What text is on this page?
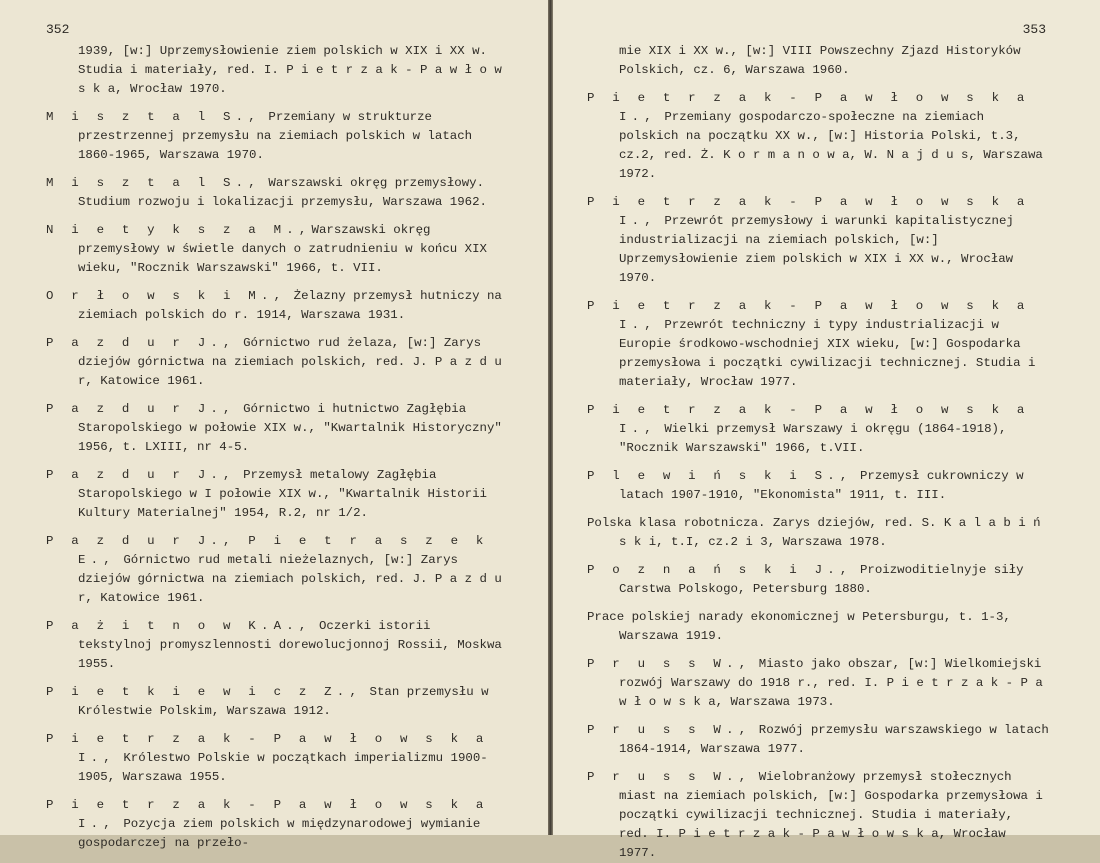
352
1939, [w:] Uprzemysłowienie ziem polskich w XIX i XX w. Studia i materiały, red. I. P i e t r z a k - P a w ł o w s k a, Wrocław 1970.
M i s z t a l S., Przemiany w strukturze przestrzennej przemysłu na ziemiach polskich w latach 1860-1965, Warszawa 1970.
M i s z t a l S., Warszawski okręg przemysłowy. Studium rozwoju i lokalizacji przemysłu, Warszawa 1962.
N i e t y k s z a M.,Warszawski okręg przemysłowy w świetle danych o zatrudnieniu w końcu XIX wieku, "Rocznik Warszawski" 1966, t. VII.
O r ł o w s k i M., Żelazny przemysł hutniczy na ziemiach polskich do r. 1914, Warszawa 1931.
P a z d u r J., Górnictwo rud żelaza, [w:] Zarys dziejów górnictwa na ziemiach polskich, red. J. P a z d u r, Katowice 1961.
P a z d u r J., Górnictwo i hutnictwo Zagłębia Staropolskiego w połowie XIX w., "Kwartalnik Historyczny" 1956, t. LXIII, nr 4-5.
P a z d u r J., Przemysł metalowy Zagłębia Staropolskiego w I połowie XIX w., "Kwartalnik Historii Kultury Materialnej" 1954, R.2, nr 1/2.
P a z d u r J., P i e t r a s z e k E., Górnictwo rud metali nieżelaznych, [w:] Zarys dziejów górnictwa na ziemiach polskich, red. J. P a z d u r, Katowice 1961.
P a ż i t n o w K.A., Oczerki istorii tekstylnoj promyszlennosti dorewolucjonnoj Rossii, Moskwa 1955.
P i e t k i e w i c z Z., Stan przemysłu w Królestwie Polskim, Warszawa 1912.
P i e t r z a k - P a w ł o w s k a I., Królestwo Polskie w początkach imperializmu 1900-1905, Warszawa 1955.
P i e t r z a k - P a w ł o w s k a I., Pozycja ziem polskich w międzynarodowej wymianie gospodarczej na przeło-
353
mie XIX i XX w., [w:] VIII Powszechny Zjazd Historyków Polskich, cz. 6, Warszawa 1960.
P i e t r z a k - P a w ł o w s k a I., Przemiany gospodarczo-społeczne na ziemiach polskich na początku XX w., [w:] Historia Polski, t.3, cz.2, red. Ż. K o r m a n o w a, W. N a j d u s, Warszawa 1972.
P i e t r z a k - P a w ł o w s k a I., Przewrót przemysłowy i warunki kapitalistycznej industrializacji na ziemiach polskich, [w:] Uprzemysłowienie ziem polskich w XIX i XX w., Wrocław 1970.
P i e t r z a k - P a w ł o w s k a I., Przewrót techniczny i typy industrializacji w Europie środkowo-wschodniej XIX wieku, [w:] Gospodarka przemysłowa i początki cywilizacji technicznej. Studia i materiały, Wrocław 1977.
P i e t r z a k - P a w ł o w s k a I., Wielki przemysł Warszawy i okręgu (1864-1918), "Rocznik Warszawski" 1966, t.VII.
P l e w i ń s k i S., Przemysł cukrowniczy w latach 1907-1910, "Ekonomista" 1911, t. III.
Polska klasa robotnicza. Zarys dziejów, red. S. K a l a b i ń s k i, t.I, cz.2 i 3, Warszawa 1978.
P o z n a ń s k i J., Proizwoditielnyje siły Carstwa Polskogo, Petersburg 1880.
Prace polskiej narady ekonomicznej w Petersburgu, t. 1-3, Warszawa 1919.
P r u s s W., Miasto jako obszar, [w:] Wielkomiejski rozwój Warszawy do 1918 r., red. I. P i e t r z a k - P a w ł o w s k a, Warszawa 1973.
P r u s s W., Rozwój przemysłu warszawskiego w latach 1864-1914, Warszawa 1977.
P r u s s W., Wielobranżowy przemysł stołecznych miast na ziemiach polskich, [w:] Gospodarka przemysłowa i początki cywilizacji technicznej. Studia i materiały, red. I. P i e t r z a k - P a w ł o w s k a, Wrocław 1977.
